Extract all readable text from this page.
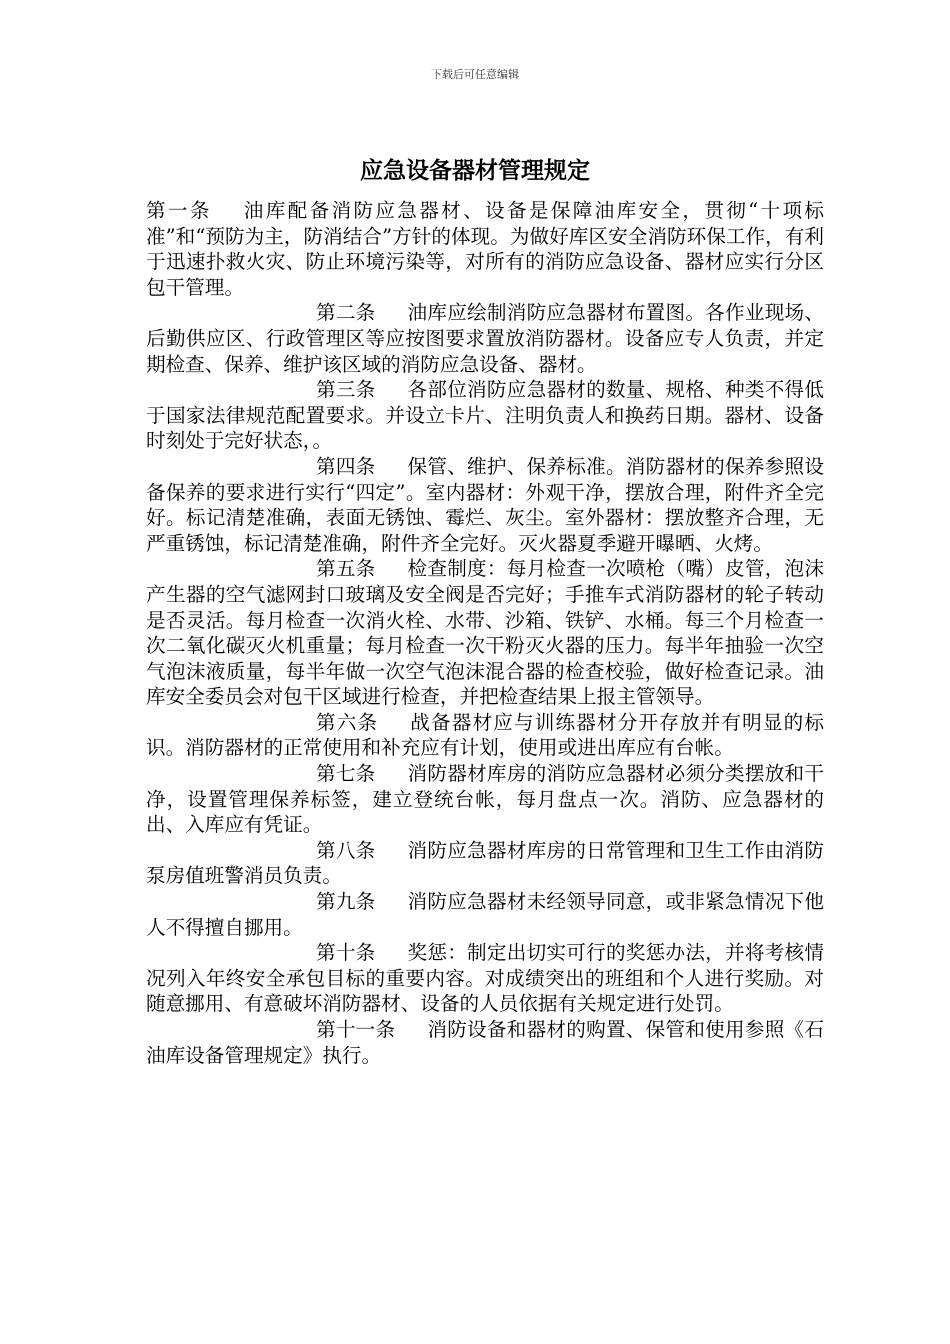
下载后可任意编辑
应急设备器材管理规定

第一条 油库配备消防应急器材、设备是保障油库安全，贯彻“十项标准”和“预防为主，防消结合”方针的体现。为做好库区安全消防环保工作，有利于迅速扑救火灾、防止环境污染等，对所有的消防应急设备、器材应实行分区包干管理。

第二条 油库应绘制消防应急器材布置图。各作业现场、后勤供应区、行政管理区等应按图要求置放消防器材。设备应专人负责，并定期检查、保养、维护该区域的消防应急设备、器材。

第三条 各部位消防应急器材的数量、规格、种类不得低于国家法律规范配置要求。并设立卡片、注明负责人和换药日期。器材、设备时刻处于完好状态，。

第四条 保管、维护、保养标准。消防器材的保养参照设备保养的要求进行实行“四定”。室内器材：外观干净，摆放合理，附件齐全完好。标记清楚准确，表面无锈蚀、霉烂、灰尘。室外器材：摆放整齐合理，无严重锈蚀，标记清楚准确，附件齐全完好。灭火器夏季避开曝晒、火烤。

第五条 检查制度：每月检查一次喷枪（嘴）皮管，泡沫产生器的空气滤网封口玻璃及安全阀是否完好；手推车式消防器材的轮子转动是否灵活。每月检查一次消火栓、水带、沙箱、铁铲、水桶。每三个月检查一次二氧化碳灭火机重量；每月检查一次干粉灭火器的压力。每半年抽验一次空气泡沫液质量，每半年做一次空气泡沫混合器的检查校验，做好检查记录。油库安全委员会对包干区域进行检查，并把检查结果上报主管领导。

第六条 战备器材应与训练器材分开存放并有明显的标识。消防器材的正常使用和补充应有计划，使用或进出库应有台帐。

第七条 消防器材库房的消防应急器材必须分类摆放和干净，设置管理保养标签，建立登统台帐，每月盘点一次。消防、应急器材的出、入库应有凭证。

第八条 消防应急器材库房的日常管理和卫生工作由消防泵房值班警消员负责。

第九条 消防应急器材未经领导同意，或非紧急情况下他人不得擅自挪用。

第十条 奖惩：制定出切实可行的奖惩办法，并将考核情况列入年终安全承包目标的重要内容。对成绩突出的班组和个人进行奖励。对随意挪用、有意破坏消防器材、设备的人员依据有关规定进行处罚。

第十一条 消防设备和器材的购置、保管和使用参照《石油库设备管理规定》执行。
